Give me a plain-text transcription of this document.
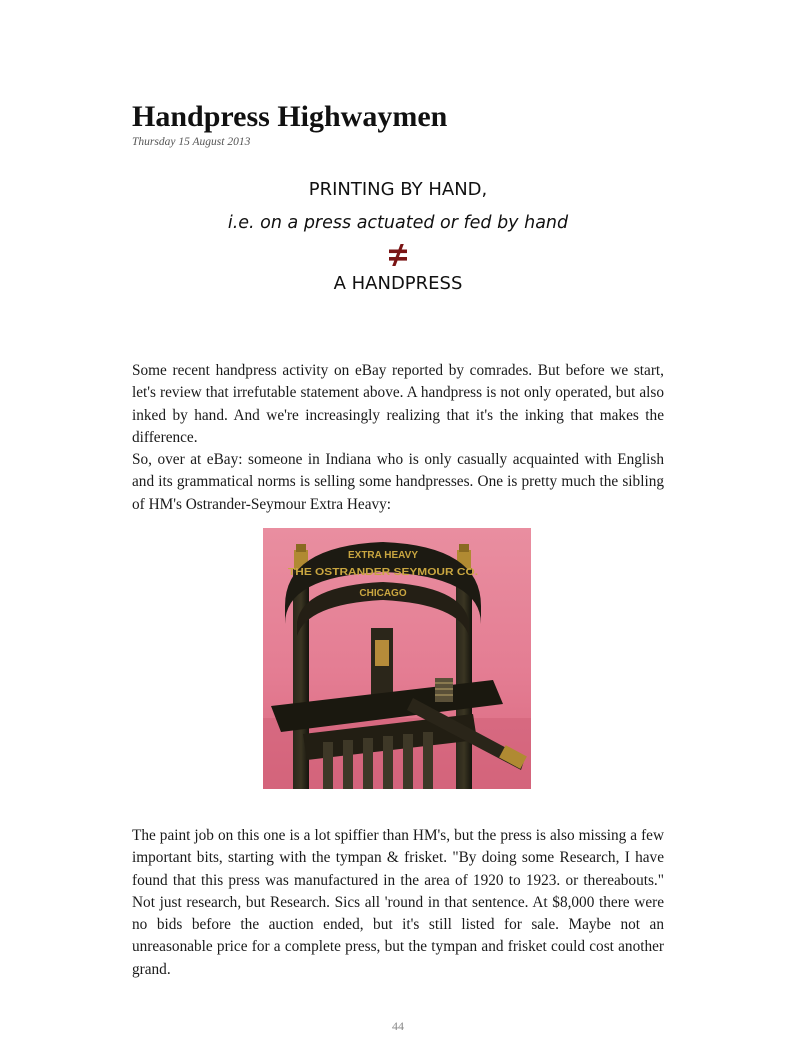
Handpress Highwaymen
Thursday 15 August 2013
PRINTING BY HAND,
i.e. on a press actuated or fed by hand
A HANDPRESS

Some recent handpress activity on eBay reported by comrades. But before we start, let's review that irrefutable statement above. A handpress is not only operated, but also inked by hand. And we're increasingly realizing that it's the inking that makes the difference.

So, over at eBay: someone in Indiana who is only casually acquainted with English and its grammatical norms is selling some handpresses. One is pretty much the sibling of HM's Ostrander-Seymour Extra Heavy:

EXTRA HEAVY
THE OSTRANDER SEYMOUR CO.
CHICAGO

The paint job on this one is a lot spiffier than HM's, but the press is also missing a few important bits, starting with the tympan & frisket. "By doing some Research, I have found that this press was manufactured in the area of 1920 to 1923. or thereabouts." Not just research, but Research. Sics all 'round in that sentence. At $8,000 there were no bids before the auction ended, but it's still listed for sale. Maybe not an unreasonable price for a complete press, but the tympan and frisket could cost another grand.

44
